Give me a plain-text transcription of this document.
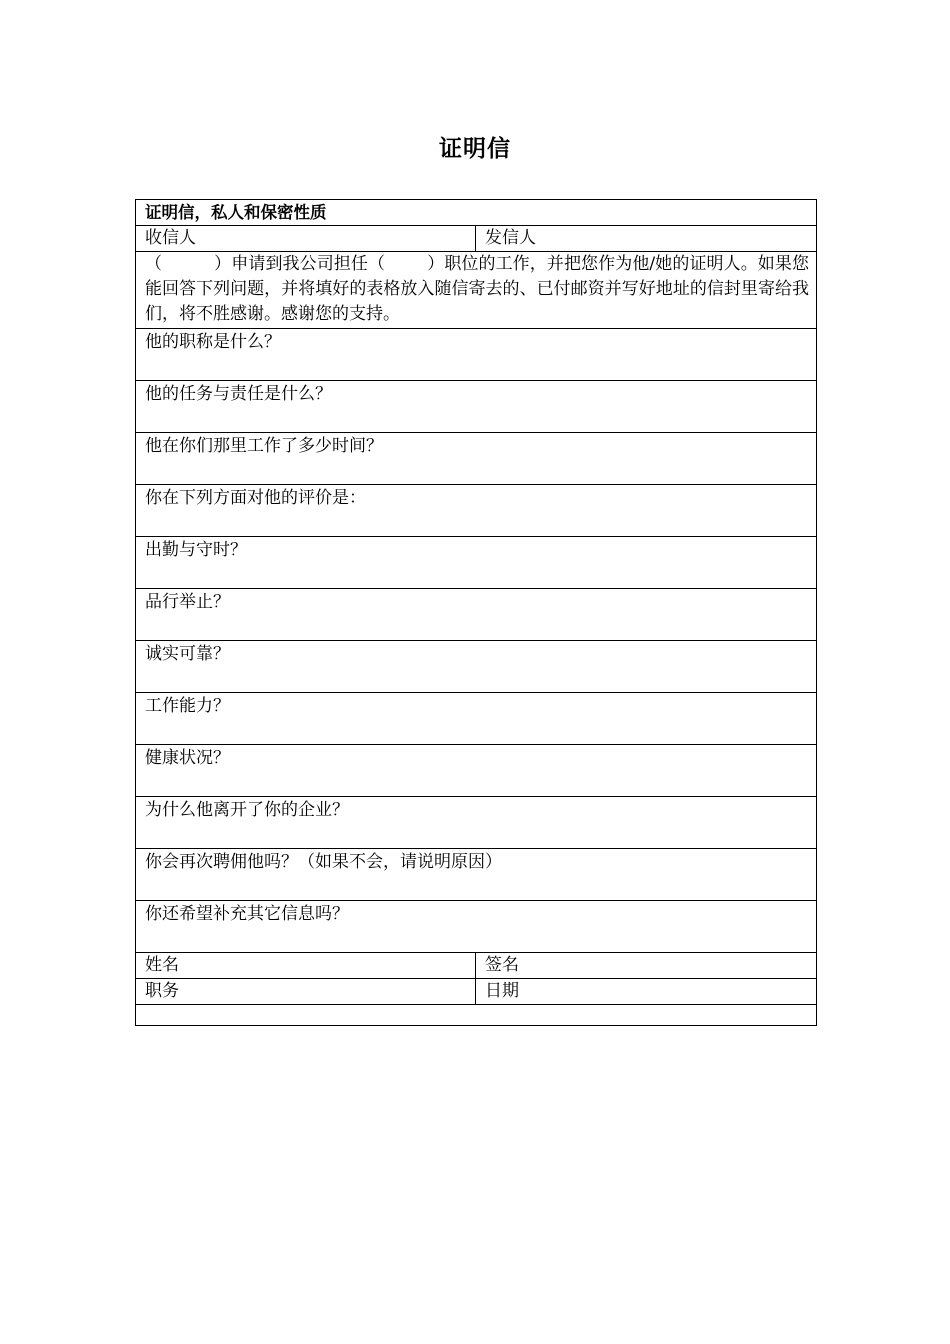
证明信
证明信，私人和保密性质	
收信人	发信人
（ ）申请到我公司担任（ ）职位的工作，并把您作为他/她的证明人。如果您能回答下列问题，并将填好的表格放入随信寄去的、已付邮资并写好地址的信封里寄给我们，将不胜感谢。感谢您的支持。	
他的职称是什么？	
他的任务与责任是什么？	
他在你们那里工作了多少时间？	
你在下列方面对他的评价是：	
出勤与守时？	
品行举止？	
诚实可靠？	
工作能力？	
健康状况？	
为什么他离开了你的企业？	
你会再次聘佣他吗？（如果不会，请说明原因）	
你还希望补充其它信息吗？	
姓名	签名
职务	日期
